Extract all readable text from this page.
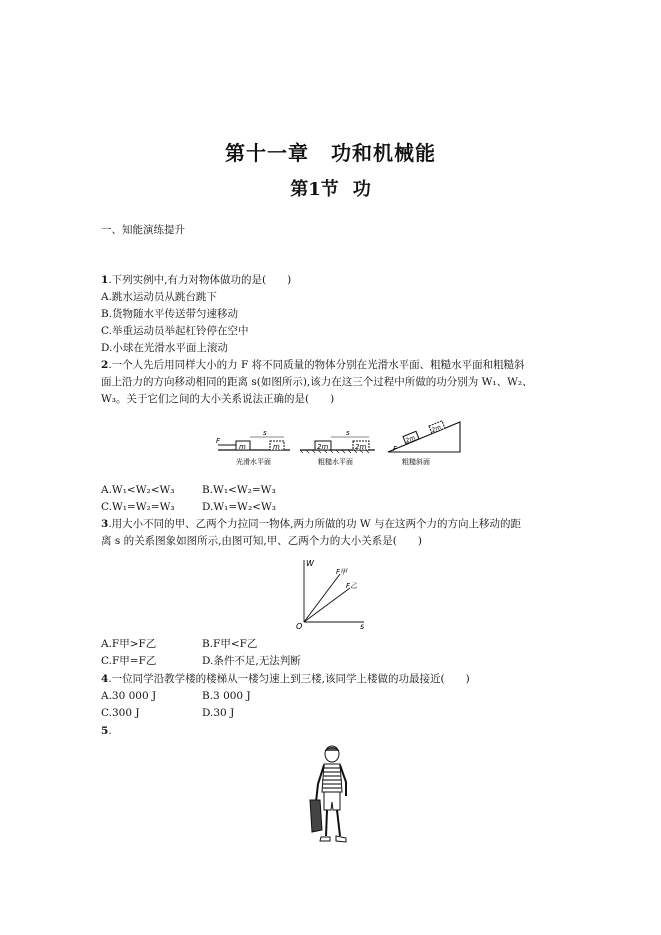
第十一章 功和机械能
第1节 功
一、知能演练提升
1.下列实例中,有力对物体做功的是(　　)
A.跳水运动员从跳台跳下
B.货物随水平传送带匀速移动
C.举重运动员举起杠铃停在空中
D.小球在光滑水平面上滚动
2.一个人先后用同样大小的力 F 将不同质量的物体分别在光滑水平面、粗糙水平面和粗糙斜
面上沿力的方向移动相同的距离 s(如图所示),该力在这三个过程中所做的功分别为 W₁、W₂、
W₃。关于它们之间的大小关系说法正确的是(　　)
m	m
F
s
光滑水平面
2m	2m
s
粗糙水平面
2m
2m
F
粗糙斜面
A.W₁<W₂<W₃	B.W₁<W₂=W₃
C.W₁=W₂=W₃	D.W₁=W₂<W₃
3.用大小不同的甲、乙两个力拉同一物体,两力所做的功 W 与在这两个力的方向上移动的距
离 s 的关系图象如图所示,由图可知,甲、乙两个力的大小关系是(　　)
W
s
O
F甲
F乙
A.F甲>F乙	B.F甲<F乙
C.F甲=F乙	D.条件不足,无法判断
4.一位同学沿教学楼的楼梯从一楼匀速上到三楼,该同学上楼做的功最接近(　　)
A.30 000 J	B.3 000 J
C.300 J	D.30 J
5.
